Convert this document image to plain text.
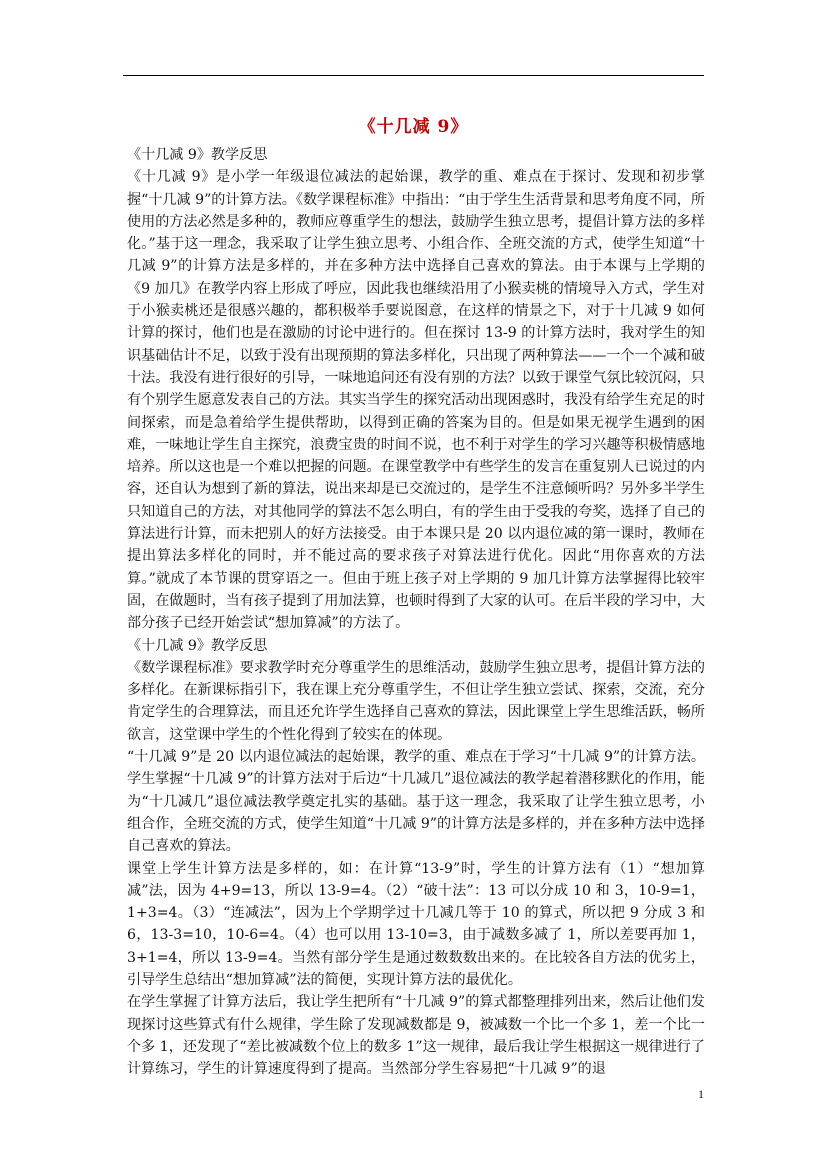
《十几减 9》

《十几减 9》教学反思

《十几减 9》是小学一年级退位减法的起始课，教学的重、难点在于探讨、发现和初步掌握“十几减 9”的计算方法。《数学课程标准》中指出：“由于学生生活背景和思考角度不同，所使用的方法必然是多种的，教师应尊重学生的想法，鼓励学生独立思考，提倡计算方法的多样化。”基于这一理念，我采取了让学生独立思考、小组合作、全班交流的方式，使学生知道“十几减 9”的计算方法是多样的，并在多种方法中选择自己喜欢的算法。由于本课与上学期的《9 加几》在教学内容上形成了呼应，因此我也继续沿用了小猴卖桃的情境导入方式，学生对于小猴卖桃还是很感兴趣的，都积极举手要说图意，在这样的情景之下，对于十几减 9 如何计算的探讨，他们也是在激励的讨论中进行的。但在探讨 13-9 的计算方法时，我对学生的知识基础估计不足，以致于没有出现预期的算法多样化，只出现了两种算法——一个一个减和破十法。我没有进行很好的引导，一味地追问还有没有别的方法？以致于课堂气氛比较沉闷，只有个别学生愿意发表自己的方法。其实当学生的探究活动出现困惑时，我没有给学生充足的时间探索，而是急着给学生提供帮助，以得到正确的答案为目的。但是如果无视学生遇到的困难，一味地让学生自主探究，浪费宝贵的时间不说，也不利于对学生的学习兴趣等积极情感地培养。所以这也是一个难以把握的问题。在课堂教学中有些学生的发言在重复别人已说过的内容，还自认为想到了新的算法，说出来却是已交流过的，是学生不注意倾听吗？另外多半学生只知道自己的方法，对其他同学的算法不怎么明白，有的学生由于受我的夸奖，选择了自己的算法进行计算，而未把别人的好方法接受。由于本课只是 20 以内退位减的第一课时，教师在提出算法多样化的同时，并不能过高的要求孩子对算法进行优化。因此“用你喜欢的方法算。”就成了本节课的贯穿语之一。但由于班上孩子对上学期的 9 加几计算方法掌握得比较牢固，在做题时，当有孩子提到了用加法算，也顿时得到了大家的认可。在后半段的学习中，大部分孩子已经开始尝试“想加算减”的方法了。

《十几减 9》教学反思

《数学课程标准》要求教学时充分尊重学生的思维活动，鼓励学生独立思考，提倡计算方法的多样化。在新课标指引下，我在课上充分尊重学生，不但让学生独立尝试、探索，交流，充分肯定学生的合理算法，而且还允许学生选择自己喜欢的算法，因此课堂上学生思维活跃，畅所欲言，这堂课中学生的个性化得到了较实在的体现。

“十几减 9”是 20 以内退位减法的起始课，教学的重、难点在于学习“十几减 9”的计算方法。学生掌握“十几减 9”的计算方法对于后边“十几减几”退位减法的教学起着潜移默化的作用，能为“十几减几”退位减法教学奠定扎实的基础。基于这一理念，我采取了让学生独立思考，小组合作，全班交流的方式，使学生知道“十几减 9”的计算方法是多样的，并在多种方法中选择自己喜欢的算法。

课堂上学生计算方法是多样的，如：在计算“13-9”时，学生的计算方法有（1）“想加算减”法，因为 4+9=13，所以 13-9=4。（2）“破十法”：13 可以分成 10 和 3，10-9=1，1+3=4。（3）“连减法”，因为上个学期学过十几减几等于 10 的算式，所以把 9 分成 3 和 6，13-3=10，10-6=4。（4）也可以用 13-10=3，由于减数多减了 1，所以差要再加 1，3+1=4，所以 13-9=4。当然有部分学生是通过数数数出来的。在比较各自方法的优劣上，引导学生总结出“想加算减”法的简便，实现计算方法的最优化。

在学生掌握了计算方法后，我让学生把所有“十几减 9”的算式都整理排列出来，然后让他们发现探讨这些算式有什么规律，学生除了发现减数都是 9，被减数一个比一个多 1，差一个比一个多 1，还发现了“差比被减数个位上的数多 1”这一规律，最后我让学生根据这一规律进行了计算练习，学生的计算速度得到了提高。当然部分学生容易把“十几减 9”的退

1
